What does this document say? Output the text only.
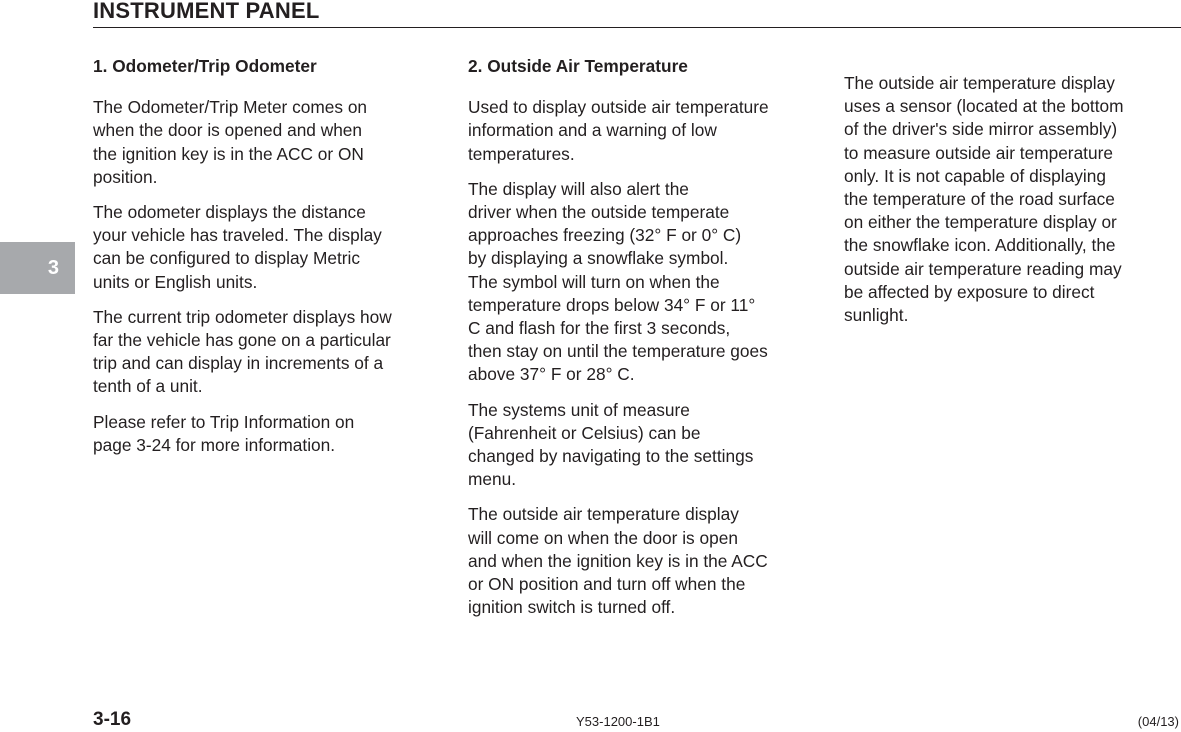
INSTRUMENT PANEL
3
1. Odometer/Trip Odometer

The Odometer/Trip Meter comes on
when the door is opened and when
the ignition key is in the ACC or ON
position.

The odometer displays the distance
your vehicle has traveled. The display
can be configured to display Metric
units or English units.

The current trip odometer displays how
far the vehicle has gone on a particular
trip and can display in increments of a
tenth of a unit.

Please refer to Trip Information on
page 3-24 for more information.

2. Outside Air Temperature

Used to display outside air temperature
information and a warning of low
temperatures.

The display will also alert the
driver when the outside temperate
approaches freezing (32° F or 0° C)
by displaying a snowflake symbol.
The symbol will turn on when the
temperature drops below 34° F or 11°
C and flash for the first 3 seconds,
then stay on until the temperature goes
above 37° F or 28° C.

The systems unit of measure
(Fahrenheit or Celsius) can be
changed by navigating to the settings
menu.

The outside air temperature display
will come on when the door is open
and when the ignition key is in the ACC
or ON position and turn off when the
ignition switch is turned off.

The outside air temperature display
uses a sensor (located at the bottom
of the driver's side mirror assembly)
to measure outside air temperature
only. It is not capable of displaying
the temperature of the road surface
on either the temperature display or
the snowflake icon. Additionally, the
outside air temperature reading may
be affected by exposure to direct
sunlight.

3-16	Y53-1200-1B1	(04/13)
